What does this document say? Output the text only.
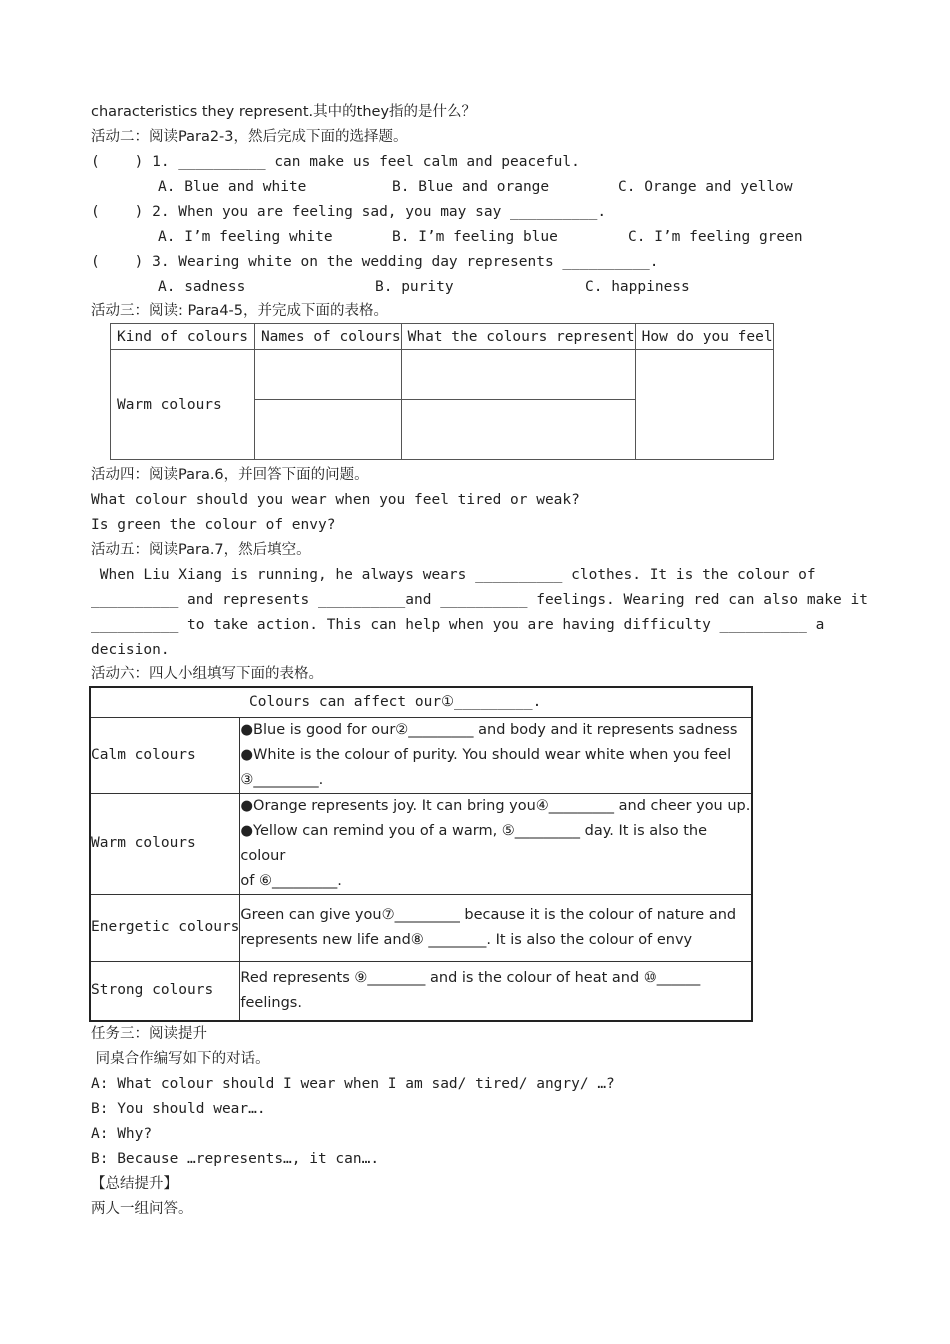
characteristics they represent.其中的they指的是什么？
活动二：阅读Para2-3，然后完成下面的选择题。
(    ) 1. __________ can make us feel calm and peaceful.
A. Blue and white	B. Blue and orange	C. Orange and yellow
(    ) 2. When you are feeling sad, you may say __________.
A. I’m feeling white	B. I’m feeling blue	C. I’m feeling green
(    ) 3. Wearing white on the wedding day represents __________.
A. sadness	B. purity	C. happiness
活动三：阅读: Para4-5，并完成下面的表格。
Kind of colours	Names of colours	What the colours represent	How do you feel
Warm colours			

活动四：阅读Para.6，并回答下面的问题。
What colour should you wear when you feel tired or weak?
Is green the colour of envy?
活动五：阅读Para.7，然后填空。
When Liu Xiang is running, he always wears __________ clothes. It is the colour of
__________ and represents __________and __________ feelings. Wearing red can also make it
__________ to take action. This can help when you are having difficulty __________ a
decision.
活动六：四人小组填写下面的表格。
Colours can affect our①_________.	
Calm colours	●Blue is good for our②_________ and body and it represents sadness
●White is the colour of purity. You should wear white when you feel
③_________.

Warm colours	●Orange represents joy. It can bring you④_________ and cheer you up.
●Yellow can remind you of a warm, ⑤_________ day. It is also the
colour
of ⑥_________.

Energetic colours	Green can give you⑦_________ because it is the colour of nature and
represents new life and⑧ ________. It is also the colour of envy

Strong colours	Red represents ⑨________ and is the colour of heat and ⑩______
feelings.
任务三：阅读提升
同桌合作编写如下的对话。
A: What colour should I wear when I am sad/ tired/ angry/ …?
B: You should wear….
A: Why?
B: Because …represents…, it can….
【总结提升】
两人一组问答。
